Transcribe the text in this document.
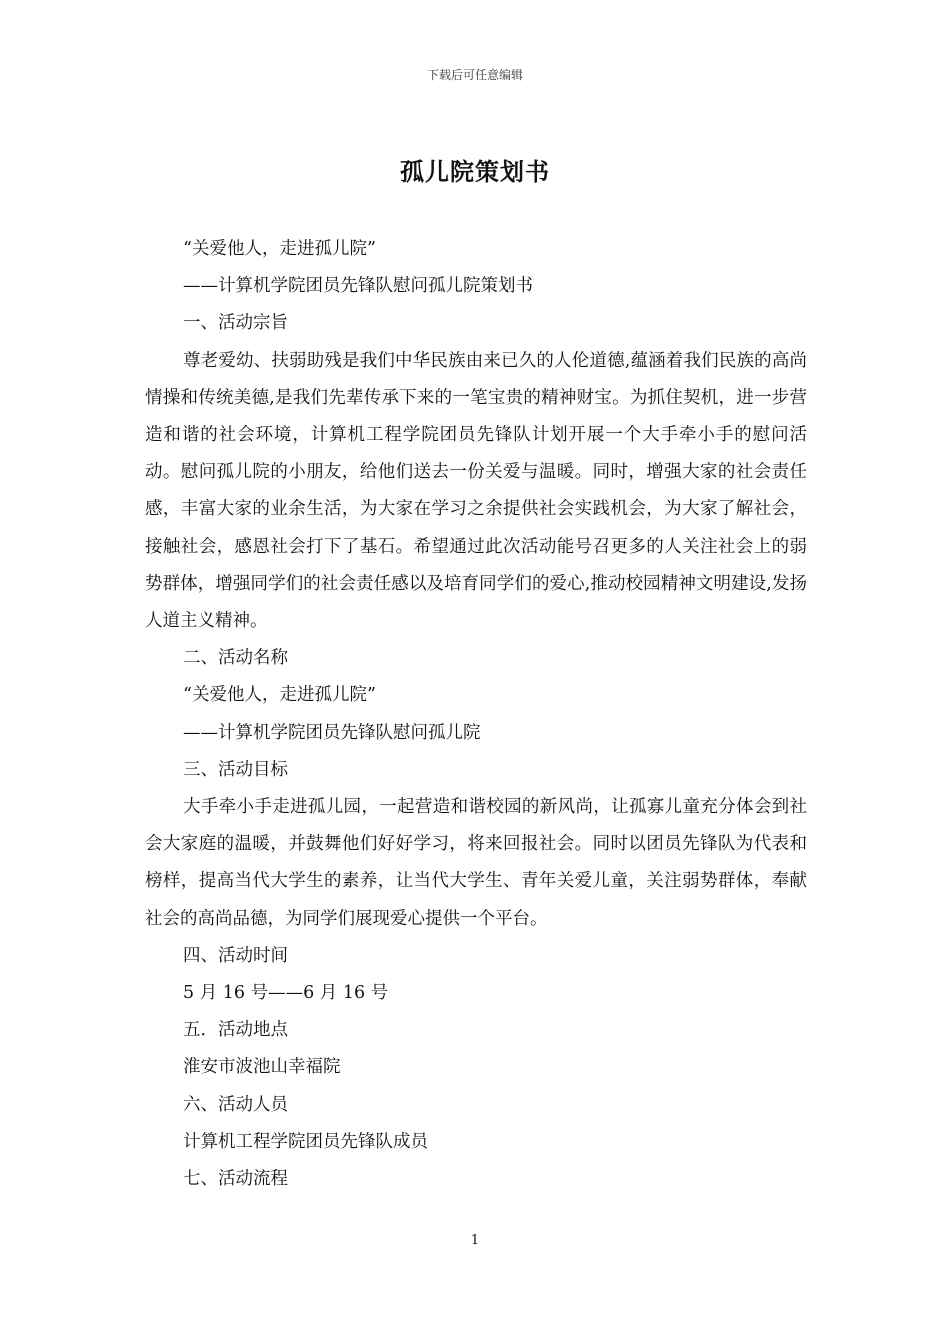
下载后可任意编辑
孤儿院策划书

“关爱他人，走进孤儿院”

——计算机学院团员先锋队慰问孤儿院策划书

一、活动宗旨

尊老爱幼、扶弱助残是我们中华民族由来已久的人伦道德,蕴涵着我们民族的高尚情操和传统美德,是我们先辈传承下来的一笔宝贵的精神财宝。为抓住契机，进一步营造和谐的社会环境，计算机工程学院团员先锋队计划开展一个大手牵小手的慰问活动。慰问孤儿院的小朋友，给他们送去一份关爱与温暖。同时，增强大家的社会责任感，丰富大家的业余生活，为大家在学习之余提供社会实践机会，为大家了解社会，接触社会，感恩社会打下了基石。希望通过此次活动能号召更多的人关注社会上的弱势群体，增强同学们的社会责任感以及培育同学们的爱心,推动校园精神文明建设,发扬人道主义精神。

二、活动名称

“关爱他人，走进孤儿院”

——计算机学院团员先锋队慰问孤儿院

三、活动目标

大手牵小手走进孤儿园，一起营造和谐校园的新风尚，让孤寡儿童充分体会到社会大家庭的温暖，并鼓舞他们好好学习，将来回报社会。同时以团员先锋队为代表和榜样，提高当代大学生的素养，让当代大学生、青年关爱儿童，关注弱势群体，奉献社会的高尚品德，为同学们展现爱心提供一个平台。

四、活动时间

5 月 16 号——6 月 16 号

五．活动地点

淮安市波池山幸福院

六、活动人员

计算机工程学院团员先锋队成员

七、活动流程

1
